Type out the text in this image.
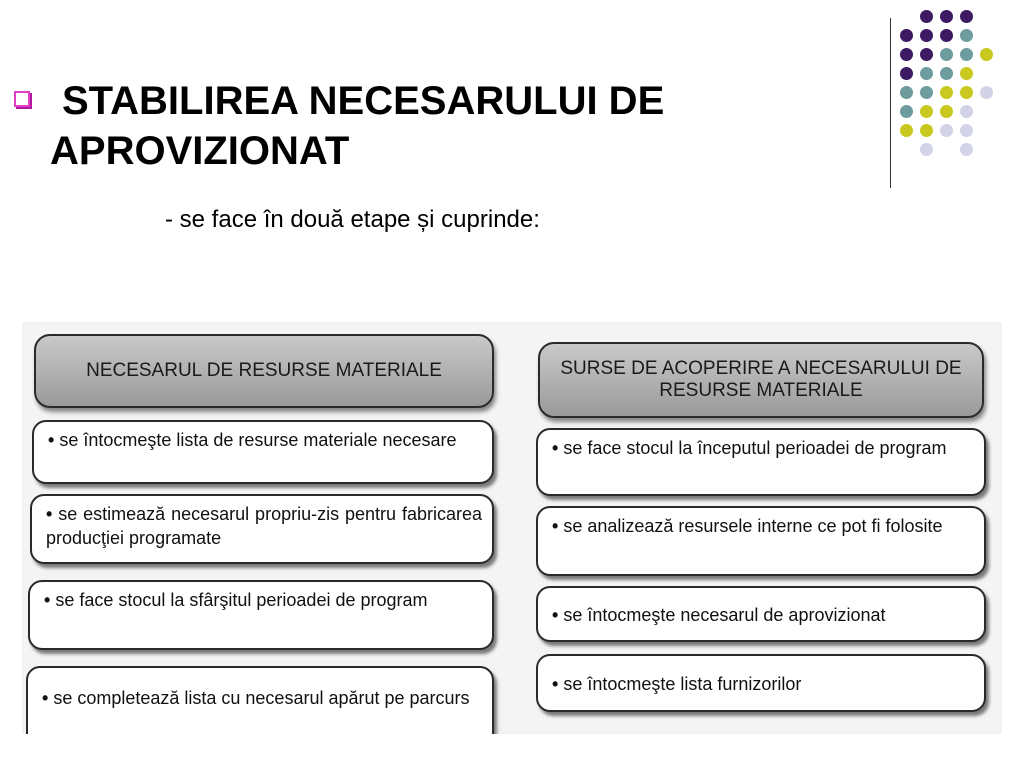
STABILIREA NECESARULUI DE
APROVIZIONAT
- se face în două etape și cuprinde:
NECESARUL DE RESURSE MATERIALE
• se întocmeşte lista de resurse materiale necesare
• se estimează necesarul propriu-zis pentru fabricarea producţiei programate
• se face stocul la sfârşitul perioadei de program
• se completează lista cu necesarul apărut pe parcurs
SURSE DE ACOPERIRE A NECESARULUI DE RESURSE MATERIALE
• se face stocul la începutul perioadei de program
• se analizează resursele interne ce pot fi folosite
• se întocmeşte necesarul de aprovizionat
• se întocmeşte lista furnizorilor
